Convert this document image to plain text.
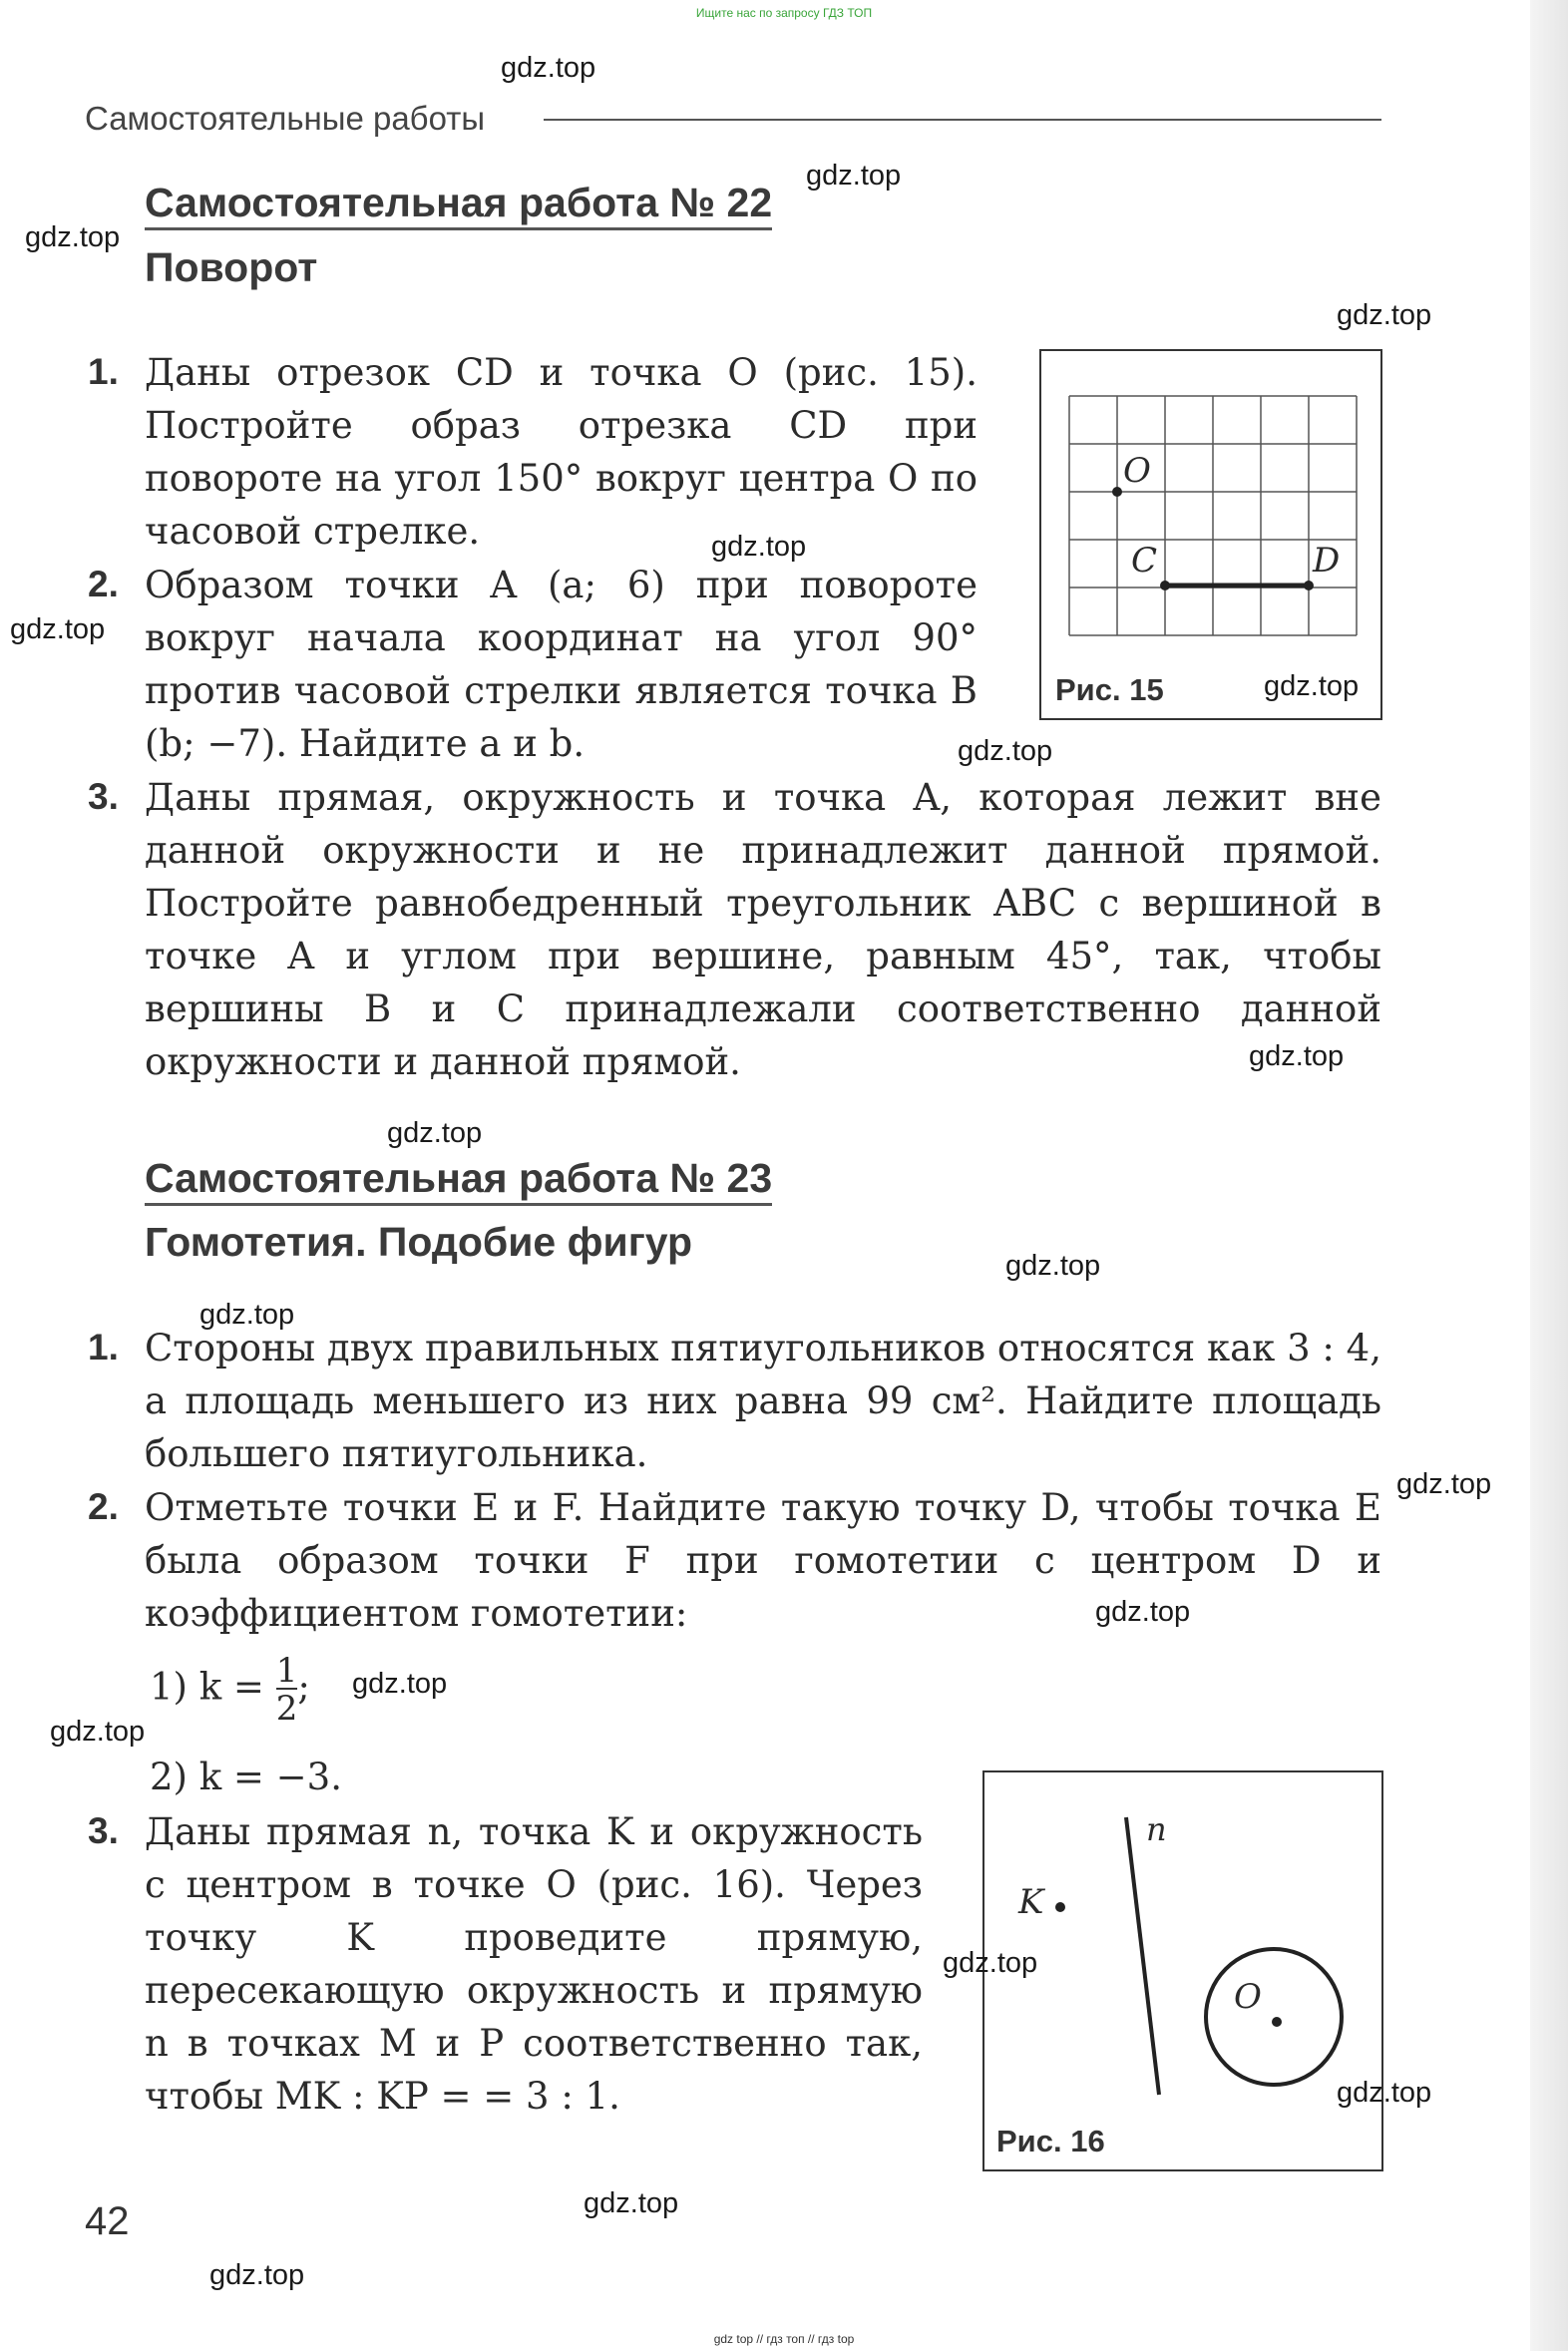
Ищите нас по запросу ГДЗ ТОП
Самостоятельные работы
Самостоятельная работа № 22
Поворот
1. Даны отрезок CD и точка O (рис. 15). Постройте образ отрезка CD при повороте на угол 150° вокруг центра O по часовой стрелке.
2. Образом точки A (a; 6) при повороте вокруг начала координат на угол 90° против часовой стрелки является точка B (b; −7). Найдите a и b.
3. Даны прямая, окружность и точка A, которая лежит вне данной окружности и не принадлежит данной прямой. Постройте равнобедренный треугольник ABC с вершиной в точке A и углом при вершине, равным 45°, так, чтобы вершины B и C принадлежали соответственно данной окружности и данной прямой.
O
C	D
Рис. 15
Самостоятельная работа № 23
Гомотетия. Подобие фигур
1. Стороны двух правильных пятиугольников относятся как 3 : 4, а площадь меньшего из них равна 99 см². Найдите площадь большего пятиугольника.
2. Отметьте точки E и F. Найдите такую точку D, чтобы точка E была образом точки F при гомотетии с центром D и коэффициентом гомотетии:
1) $k = \frac{1}{2}$ ;
2) k = −3.
3. Даны прямая n, точка K и окружность с центром в точке O (рис. 16). Через точку K проведите прямую, пересекающую окружность и прямую n в точках M и P соответственно так, чтобы MK : KP = = 3 : 1.
n
K
O
Рис. 16
42
gdz.top
gdz.top
gdz.top
gdz.top
gdz.top
gdz.top
gdz.top
gdz.top
gdz.top
gdz.top
gdz.top
gdz.top
gdz.top
gdz.top
gdz.top
gdz.top
gdz.top
gdz.top
gdz.top
gdz.top
gdz top // гдз топ // гдз top
